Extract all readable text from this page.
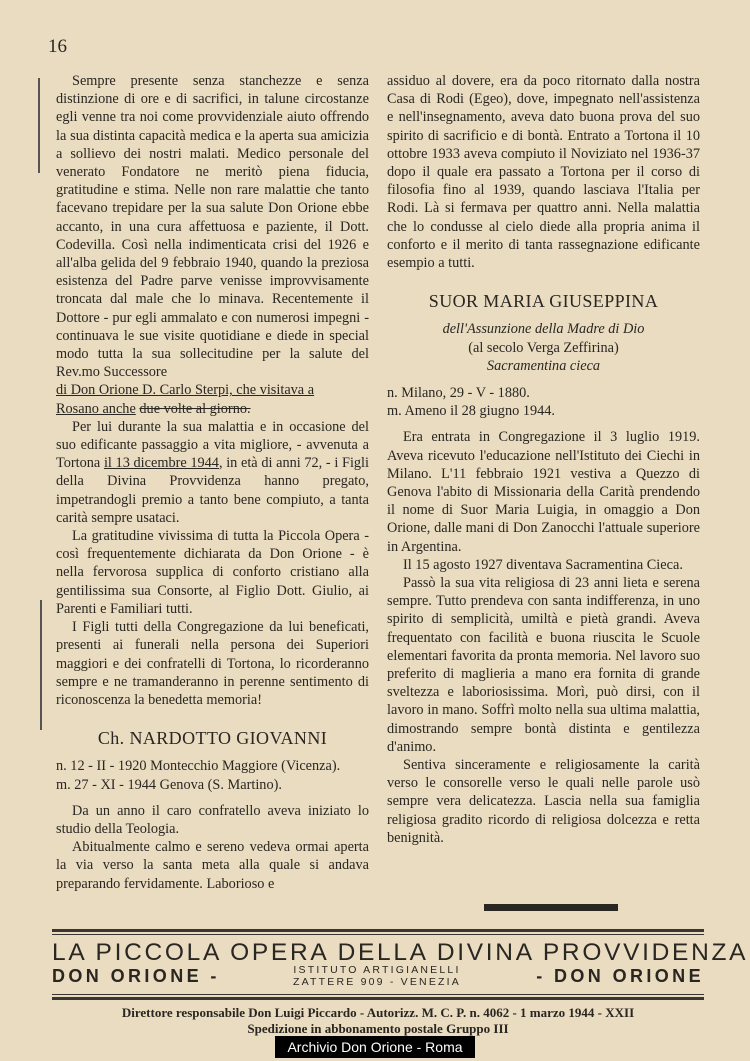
16

Sempre presente senza stanchezze e senza distinzione di ore e di sacrifici, in talune circostanze egli venne tra noi come provvidenziale aiuto offrendo la sua distinta capacità medica e la aperta sua amicizia a sollievo dei nostri malati. Medico personale del venerato Fondatore ne meritò piena fiducia, gratitudine e stima. Nelle non rare malattie che tanto facevano trepidare per la sua salute Don Orione ebbe accanto, in una cura affettuosa e paziente, il Dott. Codevilla. Così nella indimenticata crisi del 1926 e all'alba gelida del 9 febbraio 1940, quando la preziosa esistenza del Padre parve venisse improvvisamente troncata dal male che lo minava. Recentemente il Dottore - pur egli ammalato e con numerosi impegni - continuava le sue visite quotidiane e diede in special modo tutta la sua sollecitudine per la salute del Rev.mo Successore

di Don Orione D. Carlo Sterpi, che visitava a

Rosano anche due volte al giorno.

Per lui durante la sua malattia e in occasione del suo edificante passaggio a vita migliore, - avvenuta a Tortona il 13 dicembre 1944, in età di anni 72, - i Figli della Divina Provvidenza hanno pregato, impetrandogli premio a tanto bene compiuto, a tanta carità sempre usataci.

La gratitudine vivissima di tutta la Piccola Opera - così frequentemente dichiarata da Don Orione - è nella fervorosa supplica di conforto cristiano alla gentilissima sua Consorte, al Figlio Dott. Giulio, ai Parenti e Familiari tutti.

I Figli tutti della Congregazione da lui beneficati, presenti ai funerali nella persona dei Superiori maggiori e dei confratelli di Tortona, lo ricorderanno sempre e ne tramanderanno in perenne sentimento di riconoscenza la benedetta memoria!

Ch. NARDOTTO GIOVANNI

n. 12 - II - 1920 Montecchio Maggiore (Vicenza).

m. 27 - XI - 1944 Genova (S. Martino).

Da un anno il caro confratello aveva iniziato lo studio della Teologia.

Abitualmente calmo e sereno vedeva ormai aperta la via verso la santa meta alla quale si andava preparando fervidamente. Laborioso e

assiduo al dovere, era da poco ritornato dalla nostra Casa di Rodi (Egeo), dove, impegnato nell'assistenza e nell'insegnamento, aveva dato buona prova del suo spirito di sacrificio e di bontà. Entrato a Tortona il 10 ottobre 1933 aveva compiuto il Noviziato nel 1936-37 dopo il quale era passato a Tortona per il corso di filosofia fino al 1939, quando lasciava l'Italia per Rodi. Là si fermava per quattro anni. Nella malattia che lo condusse al cielo diede alla propria anima il conforto e il merito di tanta rassegnazione edificante esempio a tutti.

SUOR MARIA GIUSEPPINA

dell'Assunzione della Madre di Dio

(al secolo Verga Zeffirina)

Sacramentina cieca

n. Milano, 29 - V - 1880.

m. Ameno il 28 giugno 1944.

Era entrata in Congregazione il 3 luglio 1919. Aveva ricevuto l'educazione nell'Istituto dei Ciechi in Milano. L'11 febbraio 1921 vestiva a Quezzo di Genova l'abito di Missionaria della Carità prendendo il nome di Suor Maria Luigia, in omaggio a Don Orione, dalle mani di Don Zanocchi l'attuale superiore in Argentina.

Il 15 agosto 1927 diventava Sacramentina Cieca.

Passò la sua vita religiosa di 23 anni lieta e serena sempre. Tutto prendeva con santa indifferenza, in uno spirito di semplicità, umiltà e pietà grandi. Aveva frequentato con facilità e buona riuscita le Scuole elementari favorita da pronta memoria. Nel lavoro suo preferito di maglieria a mano era fornita di grande sveltezza e laboriosissima. Morì, può dirsi, con il lavoro in mano. Soffrì molto nella sua ultima malattia, dimostrando sempre bontà distinta e gentilezza d'animo.

Sentiva sinceramente e religiosamente la carità verso le consorelle verso le quali nelle parole usò sempre vera delicatezza. Lascia nella sua famiglia religiosa gradito ricordo di religiosa dolcezza e retta benignità.

LA PICCOLA OPERA DELLA DIVINA PROVVIDENZA
DON ORIONE -	ISTITUTO ARTIGIANELLI
ZATTERE 909 - VENEZIA	- DON ORIONE
Direttore responsabile Don Luigi Piccardo - Autorizz. M. C. P. n. 4062 - 1 marzo 1944 - XXII
Spedizione in abbonamento postale Gruppo III
Archivio Don Orione - Roma
